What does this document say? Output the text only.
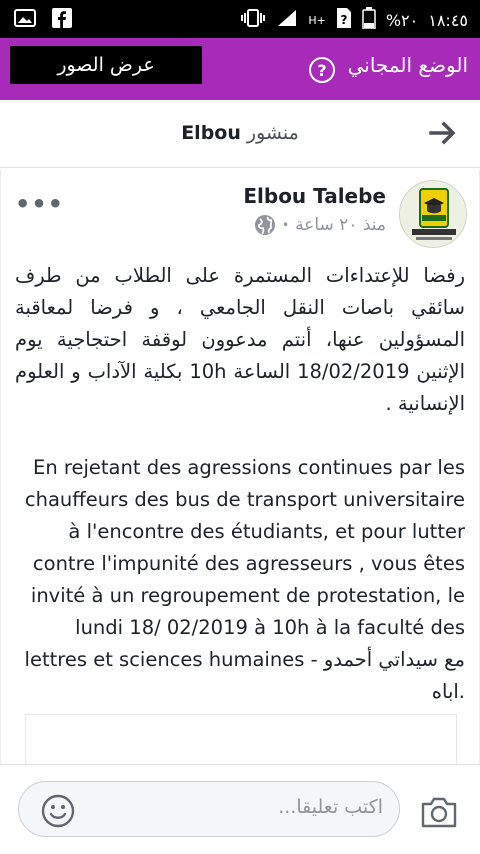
H+ ? %٢٠ ١٨:٤٥
عرض الصور	?	الوضع المجاني
Elbou منشور
•••	Elbou Talebe
منذ ٢٠ ساعة
•
رفضا للإعتداءات المستمرة على الطلاب من طرف سائقي باصات النقل الجامعي ، و فرضا لمعاقبة المسؤولين عنها، أنتم مدعوون لوقفة احتجاجية يوم الإثنين 18/02/2019 الساعة 10h بكلية الآداب و العلوم الإنسانية .
En rejetant des agressions continues par les chauffeurs des bus de transport universitaire à l'encontre des étudiants, et pour lutter contre l'impunité des agresseurs , vous êtes invité à un regroupement de protestation, le lundi 18/ 02/2019 à 10h à la faculté des lettres et sciences humaines - مع سيداتي أحمدو اباه.
اكتب تعليقا...
